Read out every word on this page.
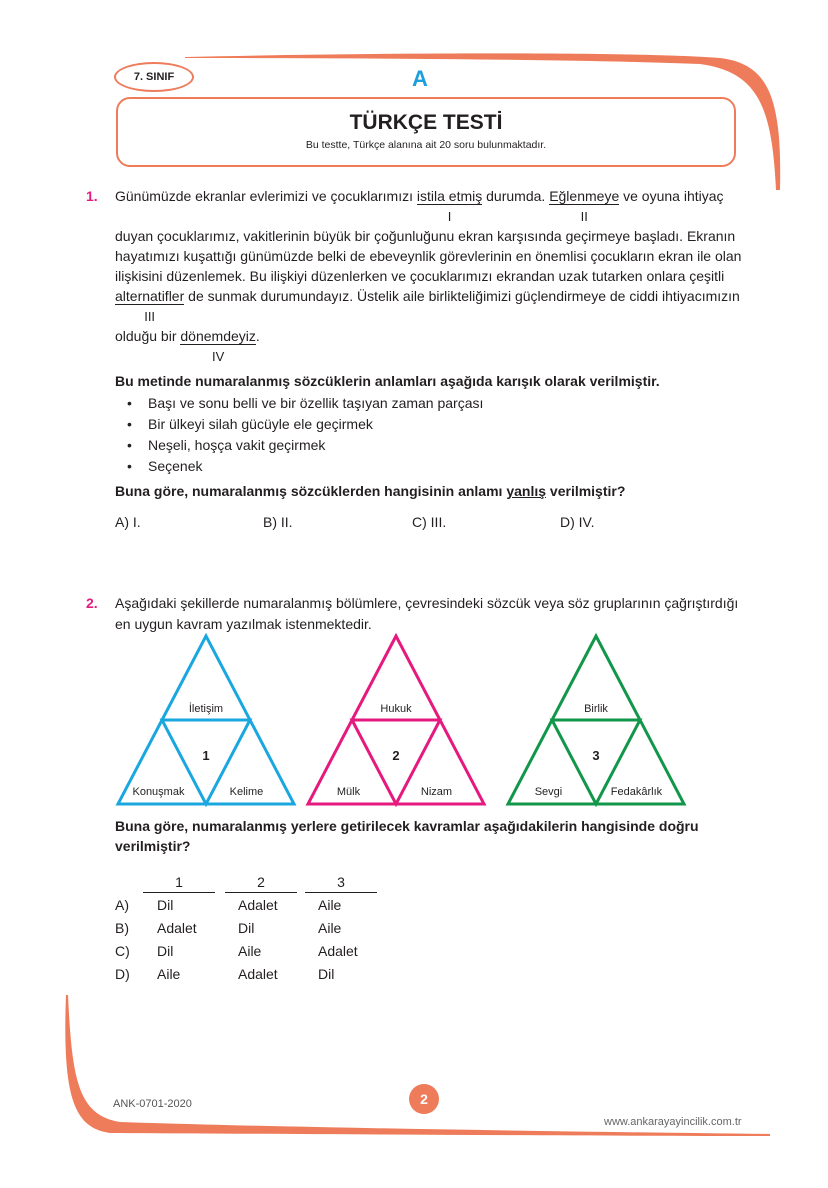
7. SINIF	A
TÜRKÇE TESTİ
Bu testte, Türkçe alanına ait 20 soru bulunmaktadır.
1. Günümüzde ekranlar evlerimizi ve çocuklarımızı istila etmiş
I
durumda. Eğlenmeye
II
ve oyuna ihtiyaç
duyan çocuklarımız, vakitlerinin büyük bir çoğunluğunu ekran karşısında geçirmeye başladı. Ekranın
hayatımızı kuşattığı günümüzde belki de ebeveynlik görevlerinin en önemlisi çocukların ekran ile olan
ilişkisini düzenlemek. Bu ilişkiyi düzenlerken ve çocuklarımızı ekrandan uzak tutarken onlara çeşitli
alternatifler
III
de sunmak durumundayız. Üstelik aile birlikteliğimizi güçlendirmeye de ciddi ihtiyacımızın
olduğu bir dönemdeyiz
IV
.
Bu metinde numaralanmış sözcüklerin anlamları aşağıda karışık olarak verilmiştir.
• Başı ve sonu belli ve bir özellik taşıyan zaman parçası
• Bir ülkeyi silah gücüyle ele geçirmek
• Neşeli, hoşça vakit geçirmek
• Seçenek
Buna göre, numaralanmış sözcüklerden hangisinin anlamı yanlış verilmiştir?
A) I.	B) II.	C) III.	D) IV.
2. Aşağıdaki şekillerde numaralanmış bölümlere, çevresindeki sözcük veya söz gruplarının çağrıştırdığı
en uygun kavram yazılmak istenmektedir.
İletişim
1
Konuşmak	Kelime
Hukuk
2
Mülk	Nizam
Birlik
3
Sevgi	Fedakârlık
Buna göre, numaralanmış yerlere getirilecek kavramlar aşağıdakilerin hangisinde doğru
verilmiştir?
1	2	3
A) Dil	Adalet	Aile
B) Adalet	Dil	Aile
C) Dil	Aile	Adalet
D) Aile	Adalet	Dil
ANK-0701-2020	2
www.ankarayayincilik.com.tr
